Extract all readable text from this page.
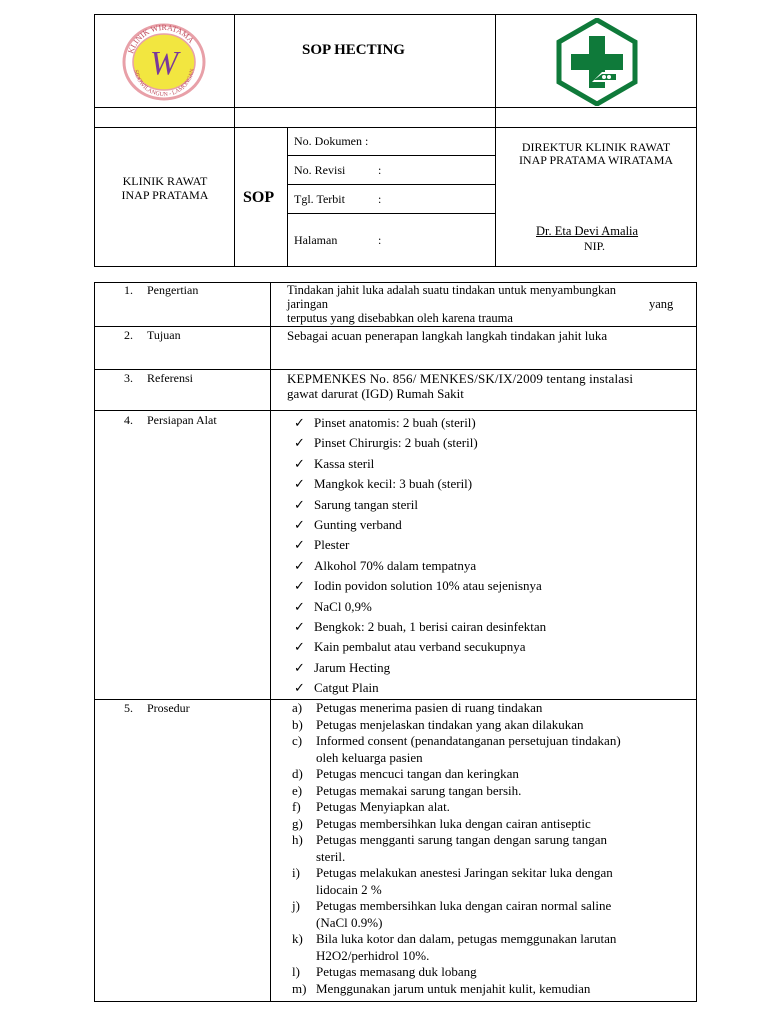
KLINIK WIRATAMA
SIDOWILANGUN - LAMONGAN
W	SOP HECTING
KLINIK RAWAT INAP PRATAMA	SOP
No. Dokumen :
No. Revisi	:
Tgl. Terbit	:
Halaman	:
DIREKTUR KLINIK RAWAT INAP PRATAMA WIRATAMA
Dr. Eta Devi Amalia
NIP.
1. Pengertian	Tindakan jahit luka adalah suatu tindakan untuk menyambungkan
jaringan	yang
terputus yang disebabkan oleh karena trauma
2. Tujuan	Sebagai acuan penerapan langkah langkah tindakan jahit luka
3. Referensi	KEPMENKES No. 856/ MENKES/SK/IX/2009 tentang instalasi
gawat darurat (IGD) Rumah Sakit
4. Persiapan Alat	✓ Pinset anatomis: 2 buah (steril)
✓ Pinset Chirurgis: 2 buah (steril)
✓ Kassa steril
✓ Mangkok kecil: 3 buah (steril)
✓ Sarung tangan steril
✓ Gunting verband
✓ Plester
✓ Alkohol 70% dalam tempatnya
✓ Iodin povidon solution 10% atau sejenisnya
✓ NaCl 0,9%
✓ Bengkok: 2 buah, 1 berisi cairan desinfektan
✓ Kain pembalut atau verband secukupnya
✓ Jarum Hecting
✓ Catgut Plain
5. Prosedur	a) Petugas menerima pasien di ruang tindakan
b) Petugas menjelaskan tindakan yang akan dilakukan
c) Informed consent (penandatanganan persetujuan tindakan)
oleh keluarga pasien
d) Petugas mencuci tangan dan keringkan
e) Petugas memakai sarung tangan bersih.
f) Petugas Menyiapkan alat.
g) Petugas membersihkan luka dengan cairan antiseptic
h) Petugas mengganti sarung tangan dengan sarung tangan
steril.
i) Petugas melakukan anestesi Jaringan sekitar luka dengan
lidocain 2 %
j) Petugas membersihkan luka dengan cairan normal saline
(NaCl 0.9%)
k) Bila luka kotor dan dalam, petugas memggunakan larutan
H2O2/perhidrol 10%.
l) Petugas memasang duk lobang
m) Menggunakan jarum untuk menjahit kulit, kemudian
